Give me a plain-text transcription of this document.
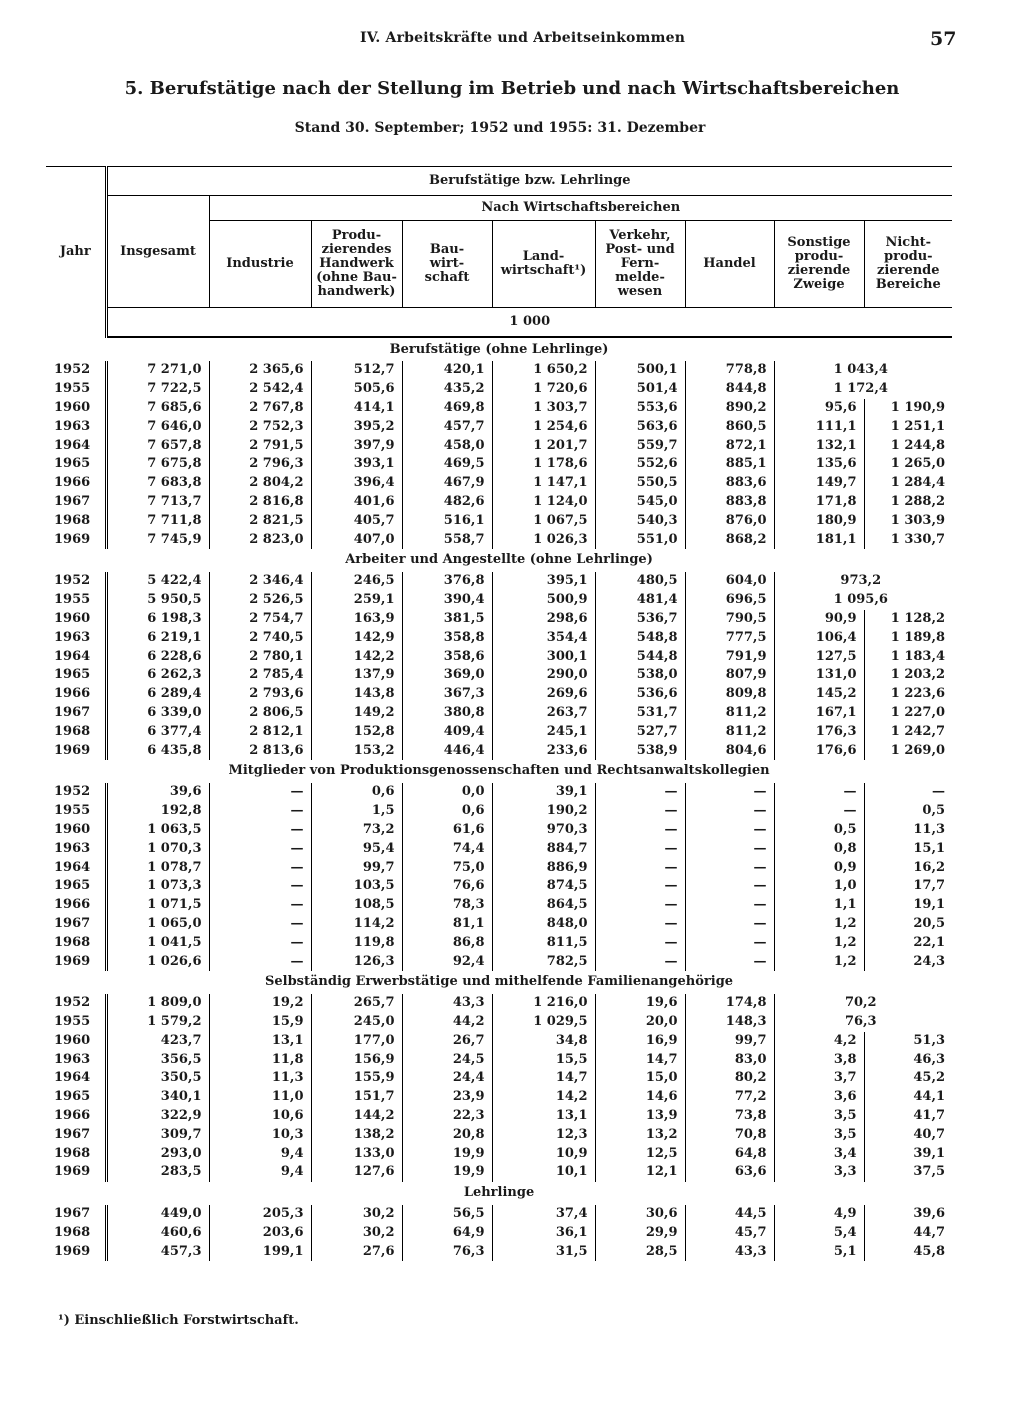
IV. Arbeitskräfte und Arbeitseinkommen	57
5. Berufstätige nach der Stellung im Betrieb und nach Wirtschaftsbereichen
Stand 30. September; 1952 und 1955: 31. Dezember
Jahr	Berufstätige bzw. Lehrlinge								
	Insgesamt	Nach Wirtschaftsbereichen							
		Industrie	Produ-
zierendes
Handwerk
(ohne Bau-
handwerk)	Bau-
wirt-
schaft	Land-
wirtschaft¹)	Verkehr,
Post- und
Fern-
melde-
wesen	Handel	Sonstige
produ-
zierende
Zweige	Nicht-
produ-
zierende
Bereiche
	1 000								
Berufstätige (ohne Lehrlinge)									
1952	7 271,0	2 365,6	512,7	420,1	1 650,2	500,1	778,8	1 043,4	
1955	7 722,5	2 542,4	505,6	435,2	1 720,6	501,4	844,8	1 172,4	
1960	7 685,6	2 767,8	414,1	469,8	1 303,7	553,6	890,2	95,6	1 190,9
1963	7 646,0	2 752,3	395,2	457,7	1 254,6	563,6	860,5	111,1	1 251,1
1964	7 657,8	2 791,5	397,9	458,0	1 201,7	559,7	872,1	132,1	1 244,8
1965	7 675,8	2 796,3	393,1	469,5	1 178,6	552,6	885,1	135,6	1 265,0
1966	7 683,8	2 804,2	396,4	467,9	1 147,1	550,5	883,6	149,7	1 284,4
1967	7 713,7	2 816,8	401,6	482,6	1 124,0	545,0	883,8	171,8	1 288,2
1968	7 711,8	2 821,5	405,7	516,1	1 067,5	540,3	876,0	180,9	1 303,9
1969	7 745,9	2 823,0	407,0	558,7	1 026,3	551,0	868,2	181,1	1 330,7
Arbeiter und Angestellte (ohne Lehrlinge)									
1952	5 422,4	2 346,4	246,5	376,8	395,1	480,5	604,0	973,2	
1955	5 950,5	2 526,5	259,1	390,4	500,9	481,4	696,5	1 095,6	
1960	6 198,3	2 754,7	163,9	381,5	298,6	536,7	790,5	90,9	1 128,2
1963	6 219,1	2 740,5	142,9	358,8	354,4	548,8	777,5	106,4	1 189,8
1964	6 228,6	2 780,1	142,2	358,6	300,1	544,8	791,9	127,5	1 183,4
1965	6 262,3	2 785,4	137,9	369,0	290,0	538,0	807,9	131,0	1 203,2
1966	6 289,4	2 793,6	143,8	367,3	269,6	536,6	809,8	145,2	1 223,6
1967	6 339,0	2 806,5	149,2	380,8	263,7	531,7	811,2	167,1	1 227,0
1968	6 377,4	2 812,1	152,8	409,4	245,1	527,7	811,2	176,3	1 242,7
1969	6 435,8	2 813,6	153,2	446,4	233,6	538,9	804,6	176,6	1 269,0
Mitglieder von Produktionsgenossenschaften und Rechtsanwaltskollegien									
1952	39,6	—	0,6	0,0	39,1	—	—	—	—
1955	192,8	—	1,5	0,6	190,2	—	—	—	0,5
1960	1 063,5	—	73,2	61,6	970,3	—	—	0,5	11,3
1963	1 070,3	—	95,4	74,4	884,7	—	—	0,8	15,1
1964	1 078,7	—	99,7	75,0	886,9	—	—	0,9	16,2
1965	1 073,3	—	103,5	76,6	874,5	—	—	1,0	17,7
1966	1 071,5	—	108,5	78,3	864,5	—	—	1,1	19,1
1967	1 065,0	—	114,2	81,1	848,0	—	—	1,2	20,5
1968	1 041,5	—	119,8	86,8	811,5	—	—	1,2	22,1
1969	1 026,6	—	126,3	92,4	782,5	—	—	1,2	24,3
Selbständig Erwerbstätige und mithelfende Familienangehörige									
1952	1 809,0	19,2	265,7	43,3	1 216,0	19,6	174,8	70,2	
1955	1 579,2	15,9	245,0	44,2	1 029,5	20,0	148,3	76,3	
1960	423,7	13,1	177,0	26,7	34,8	16,9	99,7	4,2	51,3
1963	356,5	11,8	156,9	24,5	15,5	14,7	83,0	3,8	46,3
1964	350,5	11,3	155,9	24,4	14,7	15,0	80,2	3,7	45,2
1965	340,1	11,0	151,7	23,9	14,2	14,6	77,2	3,6	44,1
1966	322,9	10,6	144,2	22,3	13,1	13,9	73,8	3,5	41,7
1967	309,7	10,3	138,2	20,8	12,3	13,2	70,8	3,5	40,7
1968	293,0	9,4	133,0	19,9	10,9	12,5	64,8	3,4	39,1
1969	283,5	9,4	127,6	19,9	10,1	12,1	63,6	3,3	37,5
Lehrlinge									
1967	449,0	205,3	30,2	56,5	37,4	30,6	44,5	4,9	39,6
1968	460,6	203,6	30,2	64,9	36,1	29,9	45,7	5,4	44,7
1969	457,3	199,1	27,6	76,3	31,5	28,5	43,3	5,1	45,8
¹) Einschließlich Forstwirtschaft.
